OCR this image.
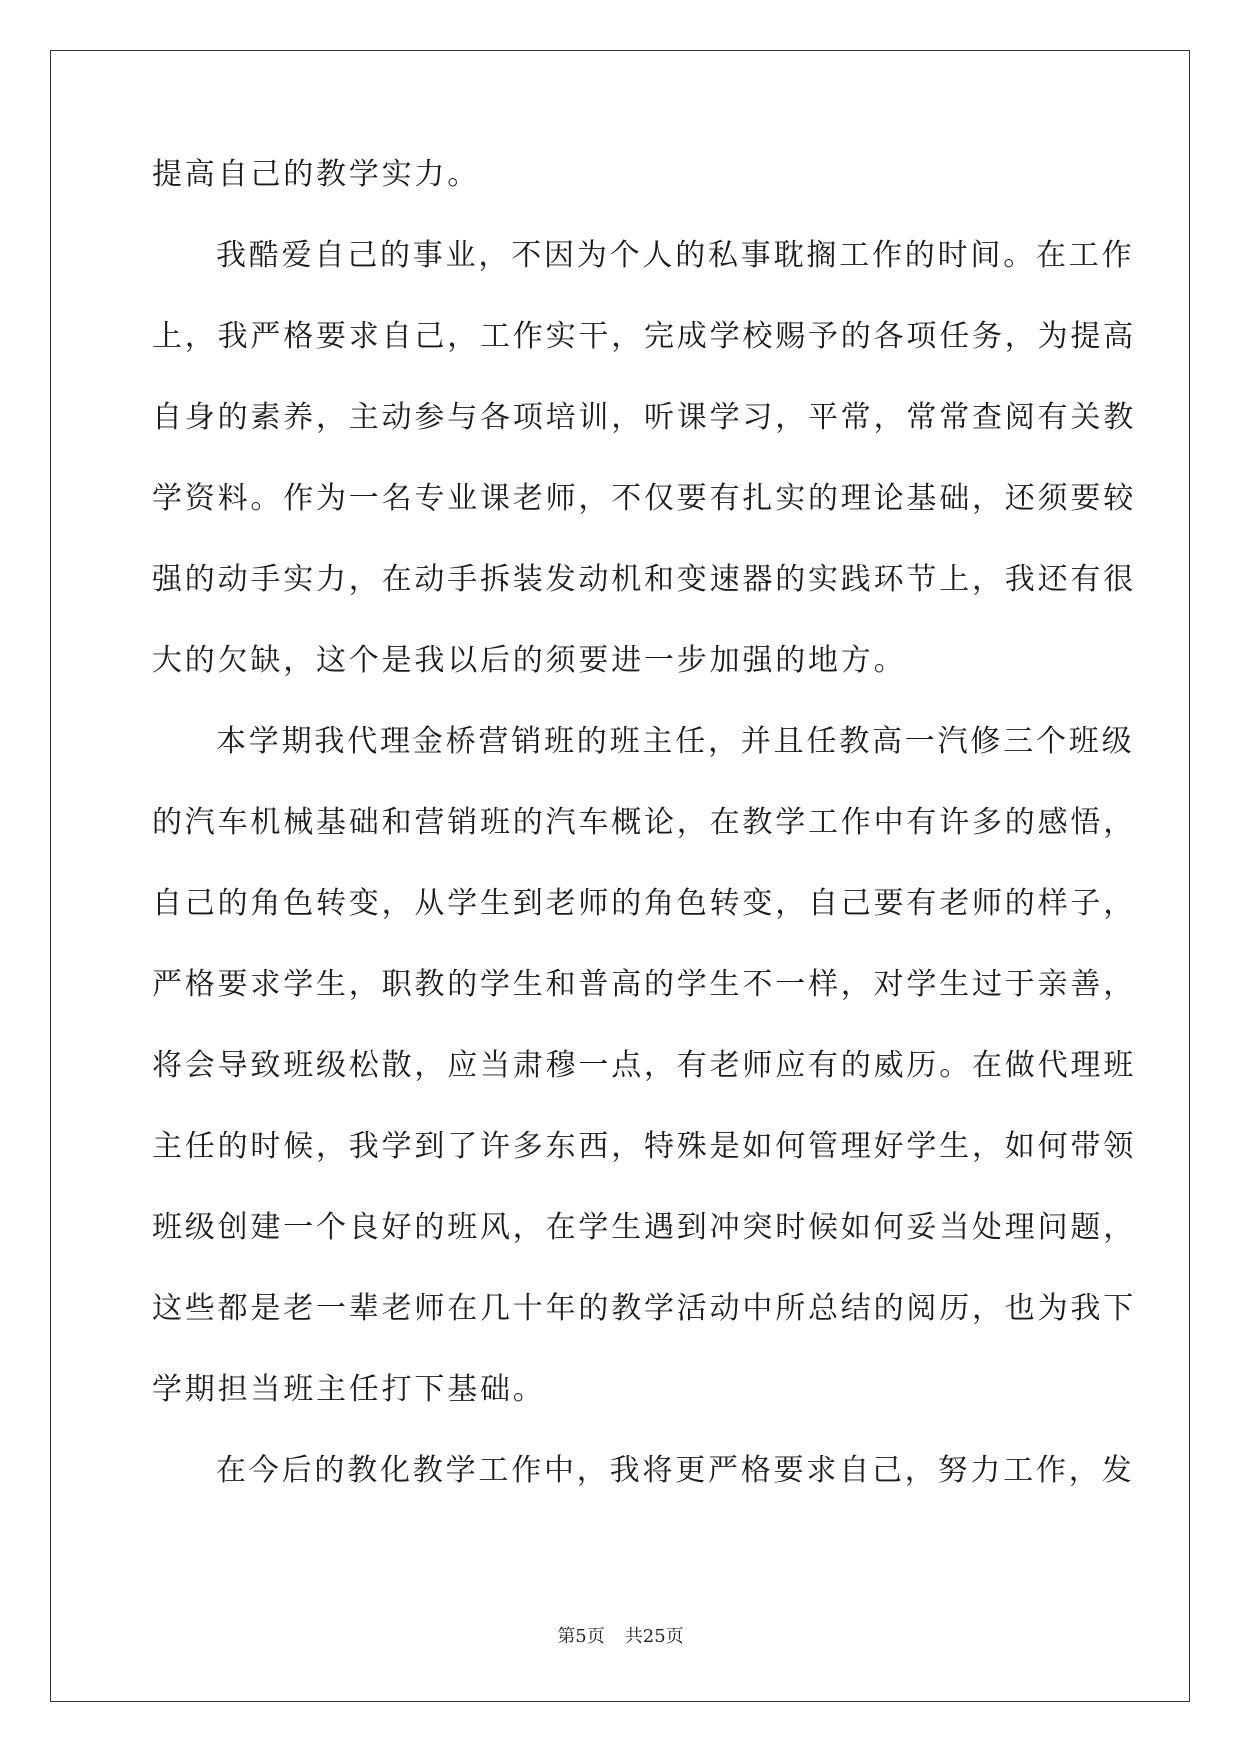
提高自己的教学实力。
我酷爱自己的事业，不因为个人的私事耽搁工作的时间。在工作
上，我严格要求自己，工作实干，完成学校赐予的各项任务，为提高
自身的素养，主动参与各项培训，听课学习，平常，常常查阅有关教
学资料。作为一名专业课老师，不仅要有扎实的理论基础，还须要较
强的动手实力，在动手拆装发动机和变速器的实践环节上，我还有很
大的欠缺，这个是我以后的须要进一步加强的地方。
本学期我代理金桥营销班的班主任，并且任教高一汽修三个班级
的汽车机械基础和营销班的汽车概论，在教学工作中有许多的感悟，
自己的角色转变，从学生到老师的角色转变，自己要有老师的样子，
严格要求学生，职教的学生和普高的学生不一样，对学生过于亲善，
将会导致班级松散，应当肃穆一点，有老师应有的威历。在做代理班
主任的时候，我学到了许多东西，特殊是如何管理好学生，如何带领
班级创建一个良好的班风，在学生遇到冲突时候如何妥当处理问题，
这些都是老一辈老师在几十年的教学活动中所总结的阅历，也为我下
学期担当班主任打下基础。
在今后的教化教学工作中，我将更严格要求自己，努力工作，发
第5页 共25页
